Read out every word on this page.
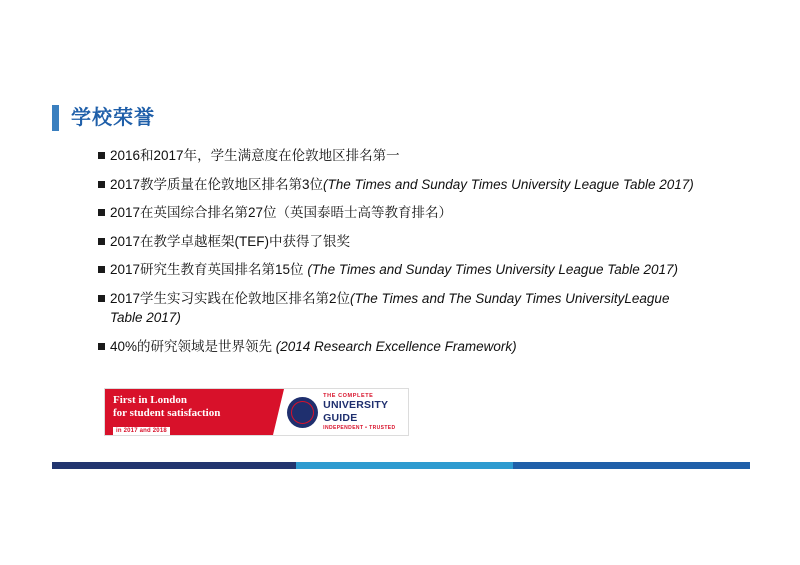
学校荣誉
2016和2017年，学生满意度在伦敦地区排名第一
2017教学质量在伦敦地区排名第3位(The Times and Sunday Times University League Table 2017)
2017在英国综合排名第27位（英国泰晤士高等教育排名）
2017在教学卓越框架(TEF)中获得了银奖
2017研究生教育英国排名第15位 (The Times and Sunday Times University League Table 2017)
2017学生实习实践在伦敦地区排名第2位(The Times and The Sunday Times UniversityLeague Table 2017)
40%的研究领域是世界领先 (2014 Research Excellence Framework)
First in London
for student satisfaction
in 2017 and 2018
THE COMPLETE
UNIVERSITY GUIDE
INDEPENDENT • TRUSTED
